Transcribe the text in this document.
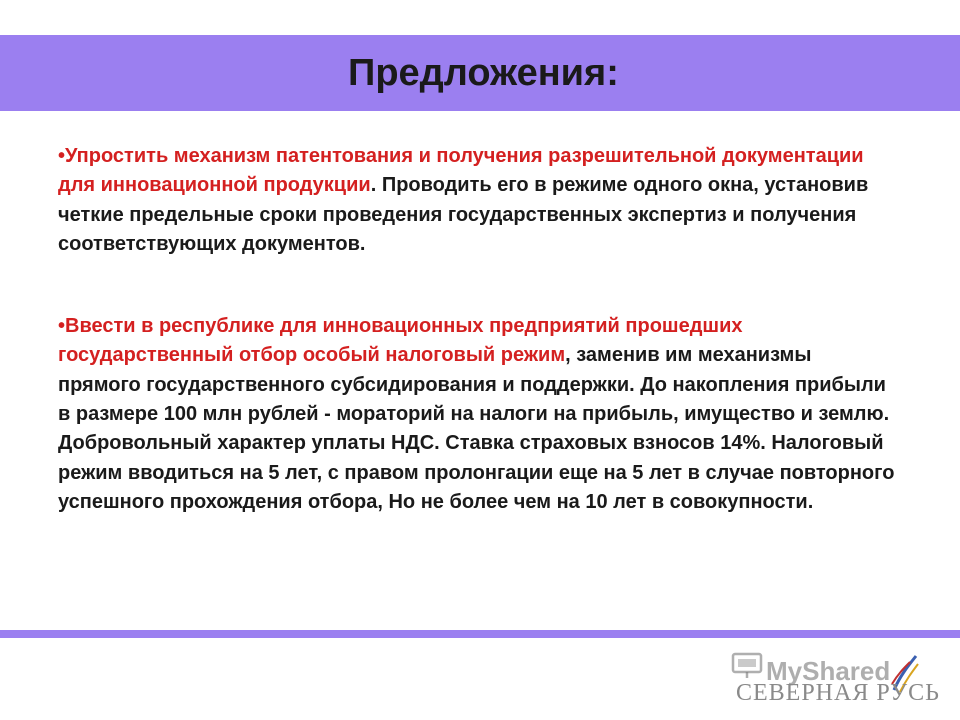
Предложения:

•Упростить механизм патентования и получения разрешительной документации для инновационной продукции. Проводить его в режиме одного окна, установив четкие предельные сроки проведения государственных экспертиз и получения соответствующих документов.

•Ввести в республике для инновационных предприятий прошедших государственный отбор особый налоговый режим, заменив им механизмы прямого государственного субсидирования и поддержки. До накопления прибыли в размере 100 млн рублей - мораторий на налоги на прибыль, имущество и землю. Добровольный характер уплаты НДС. Ставка страховых взносов 14%. Налоговый режим вводиться на 5 лет, с правом пролонгации еще на 5 лет в случае повторного успешного прохождения отбора, Но не более чем на 10 лет в совокупности.

MyShared
СЕВЕРНАЯ РУСЬ
